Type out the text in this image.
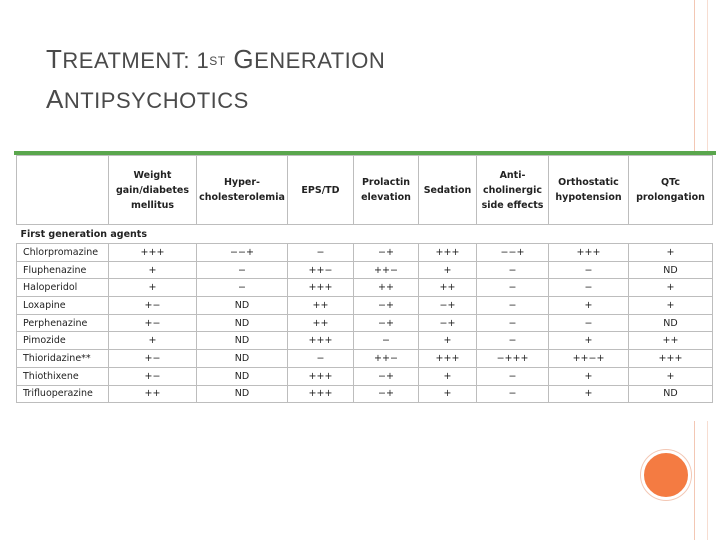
TREATMENT: 1ST GENERATION
ANTIPSYCHOTICS
	Weight gain/diabetes mellitus	Hyper-cholesterolemia	EPS/TD	Prolactin elevation	Sedation	Anti-cholinergic side effects	Orthostatic hypotension	QTc prolongation
First generation agents								
Chlorpromazine	+++	−−+	−	−+	+++	−−+	+++	+
Fluphenazine	+	−	++−	++−	+	−	−	ND
Haloperidol	+	−	+++	++	++	−	−	+
Loxapine	+−	ND	++	−+	−+	−	+	+
Perphenazine	+−	ND	++	−+	−+	−	−	ND
Pimozide	+	ND	+++	−	+	−	+	++
Thioridazine**	+−	ND	−	++−	+++	−+++	++−+	+++
Thiothixene	+−	ND	+++	−+	+	−	+	+
Trifluoperazine	++	ND	+++	−+	+	−	+	ND
